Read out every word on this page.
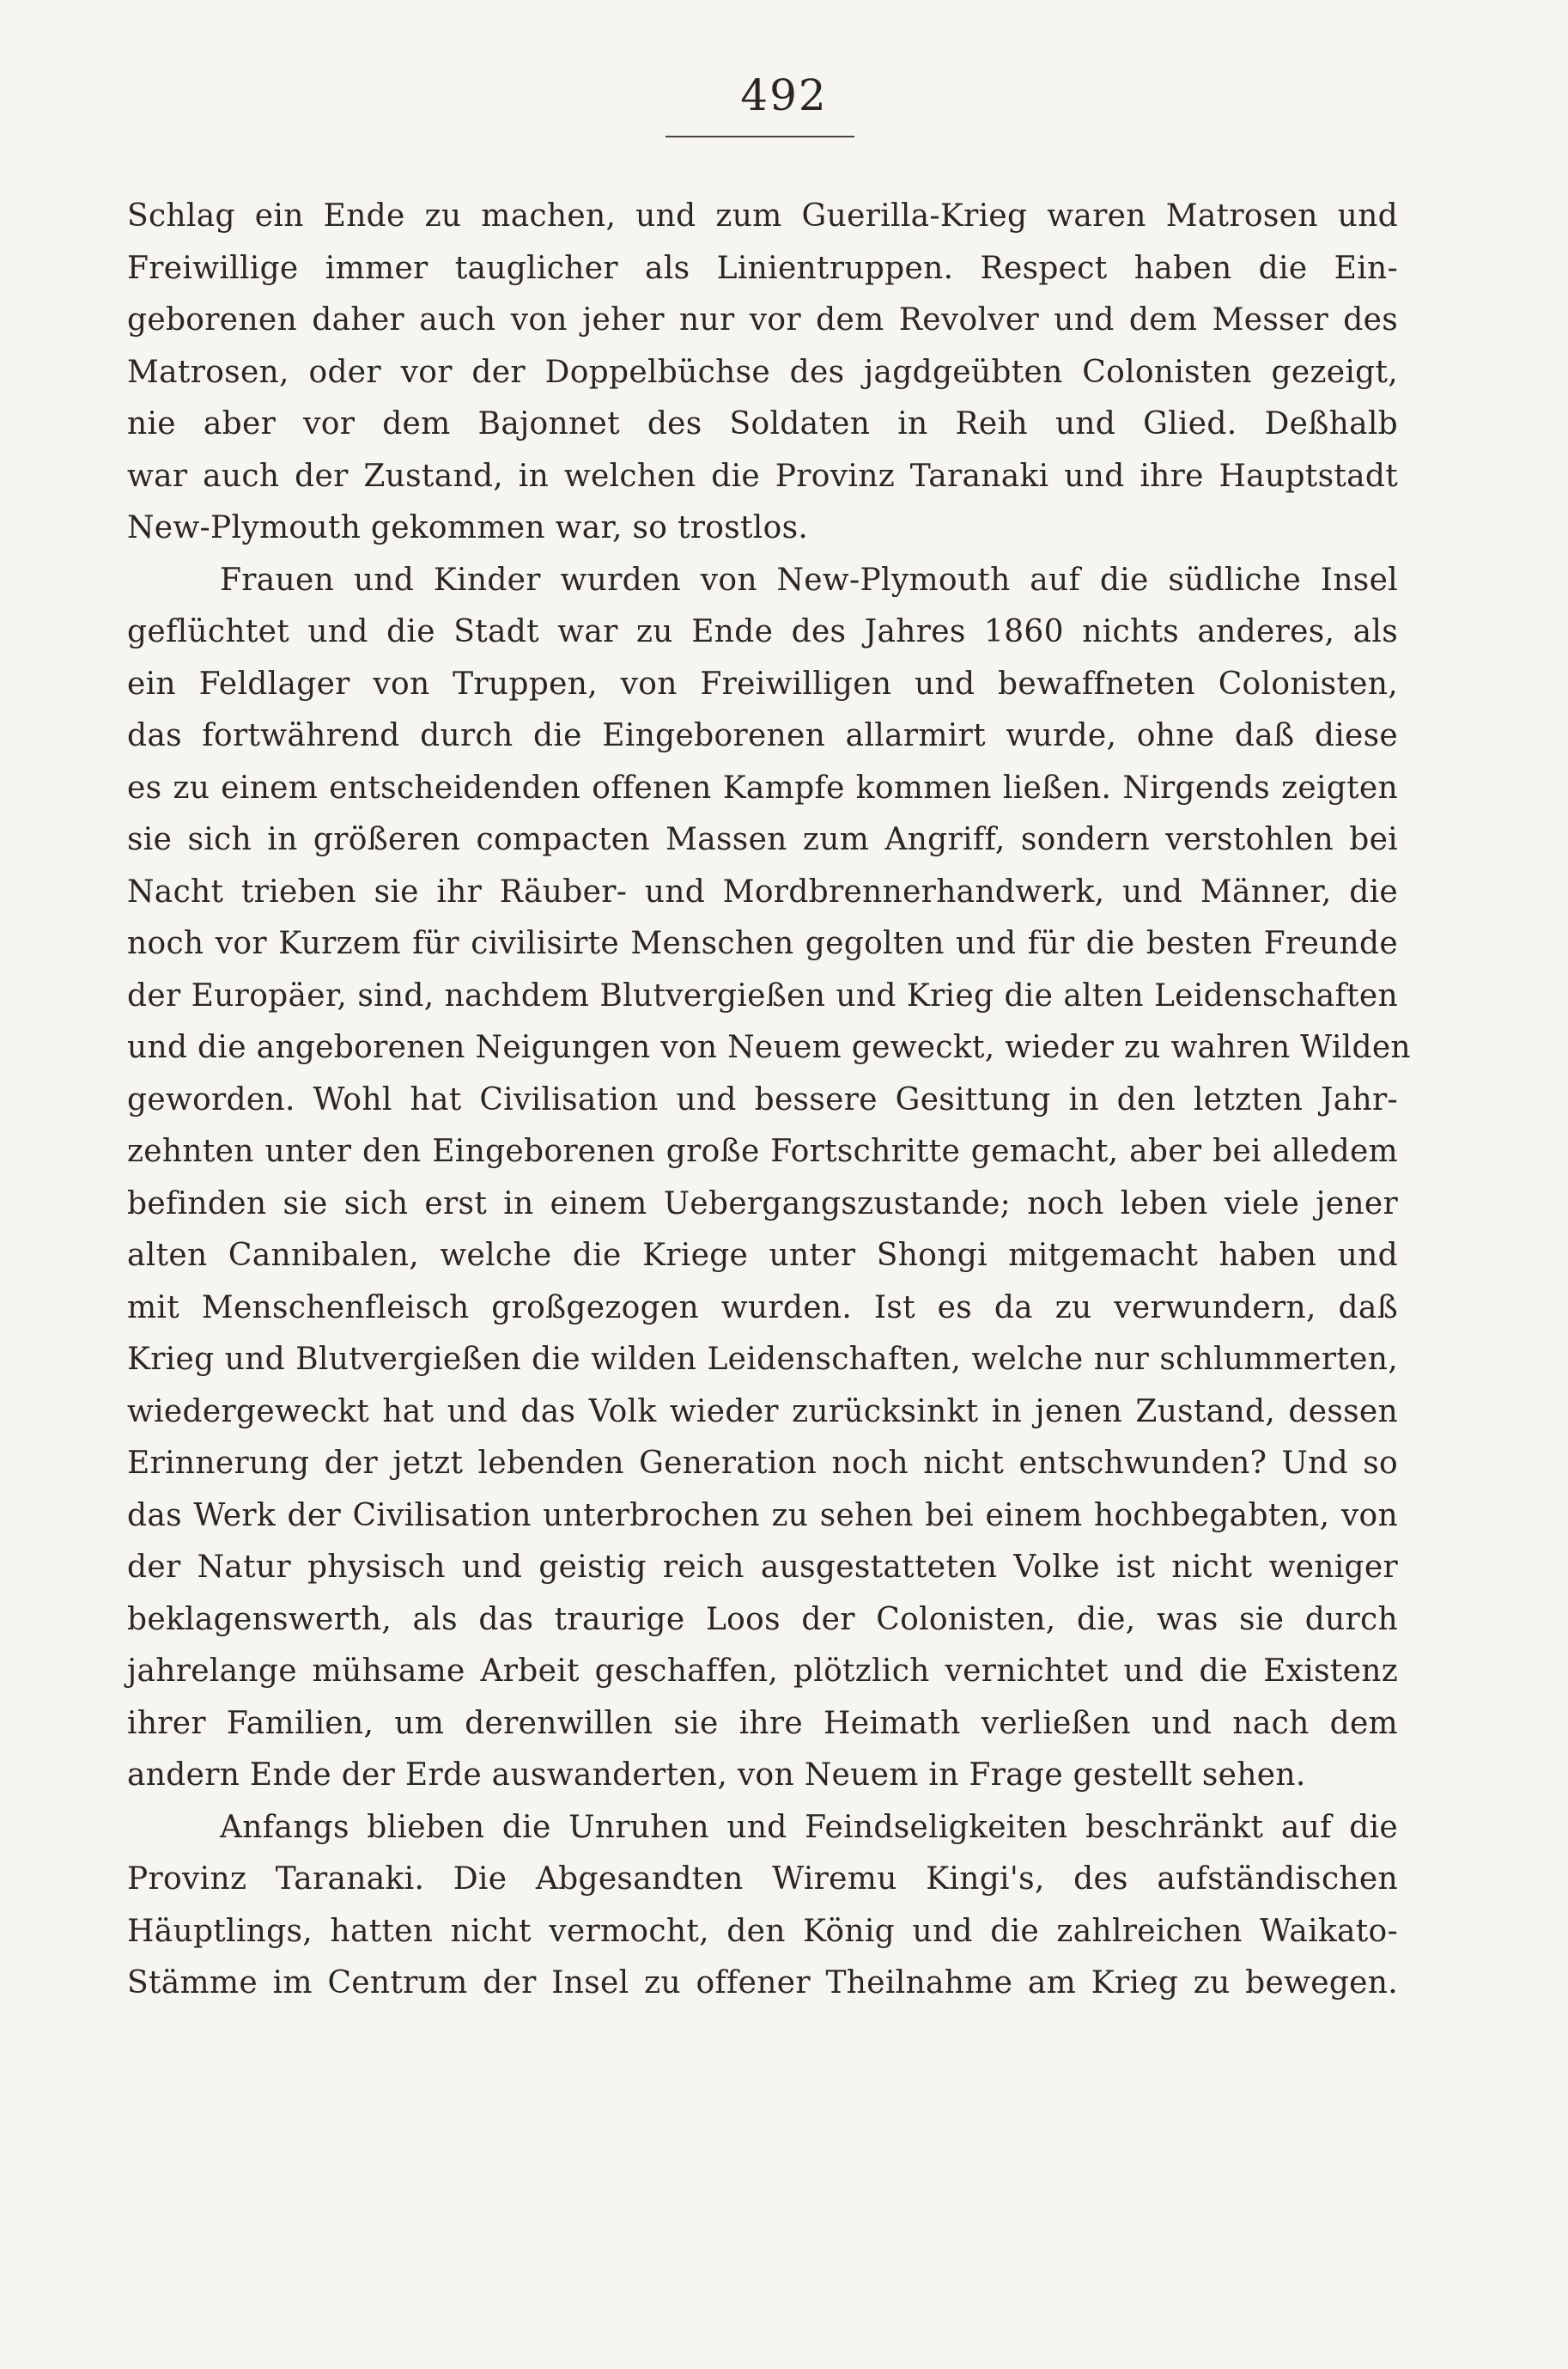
492
Schlag ein Ende zu machen, und zum Guerilla-Krieg waren Matrosen und
Freiwillige immer tauglicher als Linientruppen. Respect haben die Ein-
geborenen daher auch von jeher nur vor dem Revolver und dem Messer des
Matrosen, oder vor der Doppelbüchse des jagdgeübten Colonisten gezeigt,
nie aber vor dem Bajonnet des Soldaten in Reih und Glied. Deßhalb
war auch der Zustand, in welchen die Provinz Taranaki und ihre Hauptstadt
New-Plymouth gekommen war, so trostlos.
Frauen und Kinder wurden von New-Plymouth auf die südliche Insel
geflüchtet und die Stadt war zu Ende des Jahres 1860 nichts anderes, als
ein Feldlager von Truppen, von Freiwilligen und bewaffneten Colonisten,
das fortwährend durch die Eingeborenen allarmirt wurde, ohne daß diese
es zu einem entscheidenden offenen Kampfe kommen ließen. Nirgends zeigten
sie sich in größeren compacten Massen zum Angriff, sondern verstohlen bei
Nacht trieben sie ihr Räuber- und Mordbrennerhandwerk, und Männer, die
noch vor Kurzem für civilisirte Menschen gegolten und für die besten Freunde
der Europäer, sind, nachdem Blutvergießen und Krieg die alten Leidenschaften
und die angeborenen Neigungen von Neuem geweckt, wieder zu wahren Wilden
geworden. Wohl hat Civilisation und bessere Gesittung in den letzten Jahr-
zehnten unter den Eingeborenen große Fortschritte gemacht, aber bei alledem
befinden sie sich erst in einem Uebergangszustande; noch leben viele jener
alten Cannibalen, welche die Kriege unter Shongi mitgemacht haben und
mit Menschenfleisch großgezogen wurden. Ist es da zu verwundern, daß
Krieg und Blutvergießen die wilden Leidenschaften, welche nur schlummerten,
wiedergeweckt hat und das Volk wieder zurücksinkt in jenen Zustand, dessen
Erinnerung der jetzt lebenden Generation noch nicht entschwunden? Und so
das Werk der Civilisation unterbrochen zu sehen bei einem hochbegabten, von
der Natur physisch und geistig reich ausgestatteten Volke ist nicht weniger
beklagenswerth, als das traurige Loos der Colonisten, die, was sie durch
jahrelange mühsame Arbeit geschaffen, plötzlich vernichtet und die Existenz
ihrer Familien, um derenwillen sie ihre Heimath verließen und nach dem
andern Ende der Erde auswanderten, von Neuem in Frage gestellt sehen.
Anfangs blieben die Unruhen und Feindseligkeiten beschränkt auf die
Provinz Taranaki. Die Abgesandten Wiremu Kingi's, des aufständischen
Häuptlings, hatten nicht vermocht, den König und die zahlreichen Waikato-
Stämme im Centrum der Insel zu offener Theilnahme am Krieg zu bewegen.
